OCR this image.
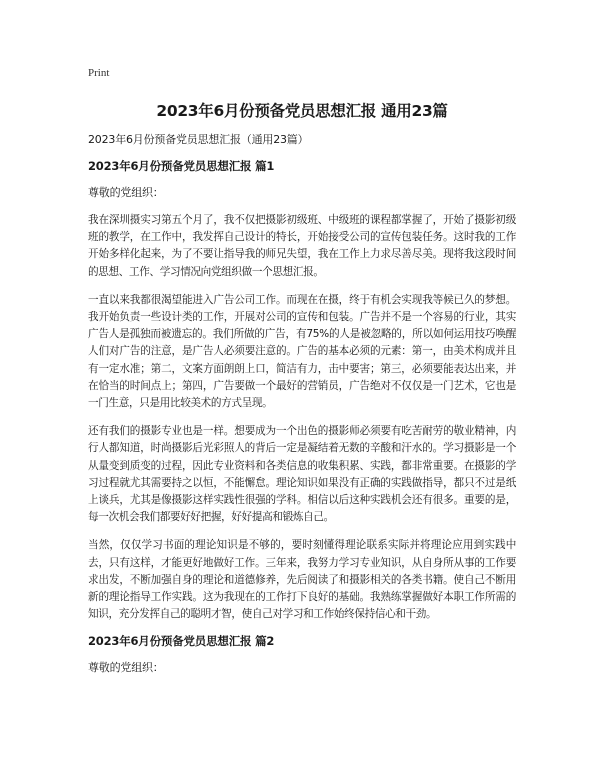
Print
2023年6月份预备党员思想汇报 通用23篇
2023年6月份预备党员思想汇报（通用23篇）
2023年6月份预备党员思想汇报 篇1
尊敬的党组织：

我在深圳摄实习第五个月了，我不仅把摄影初级班、中级班的课程都掌握了，开始了摄影初级班的教学，在工作中，我发挥自己设计的特长，开始接受公司的宣传包装任务。这时我的工作开始多样化起来，为了不要让指导我的师兄失望，我在工作上力求尽善尽美。现将我这段时间的思想、工作、学习情况向党组织做一个思想汇报。

一直以来我都很渴望能进入广告公司工作。而现在在摄，终于有机会实现我等候已久的梦想。我开始负责一些设计类的工作，开展对公司的宣传和包装。广告并不是一个容易的行业，其实广告人是孤独而被遗忘的。我们所做的广告，有75%的人是被忽略的，所以如何运用技巧唤醒人们对广告的注意，是广告人必须要注意的。广告的基本必须的元素：第一，由美术构成并且有一定水准；第二，文案方面朗朗上口，简洁有力，击中要害；第三，必须要能表达出来，并在恰当的时间点上；第四，广告要做一个最好的营销员，广告绝对不仅仅是一门艺术，它也是一门生意，只是用比较美术的方式呈现。

还有我们的摄影专业也是一样。想要成为一个出色的摄影师必须要有吃苦耐劳的敬业精神，内行人都知道，时尚摄影后光彩照人的背后一定是凝结着无数的辛酸和汗水的。学习摄影是一个从量变到质变的过程，因此专业资料和各类信息的收集积累、实践，都非常重要。在摄影的学习过程就尤其需要持之以恒，不能懈怠。理论知识如果没有正确的实践做指导，都只不过是纸上谈兵，尤其是像摄影这样实践性很强的学科。相信以后这种实践机会还有很多。重要的是，每一次机会我们都要好好把握，好好提高和锻炼自己。

当然，仅仅学习书面的理论知识是不够的，要时刻懂得理论联系实际并将理论应用到实践中去，只有这样，才能更好地做好工作。三年来，我努力学习专业知识，从自身所从事的工作要求出发，不断加强自身的理论和道德修养，先后阅读了和摄影相关的各类书籍。使自己不断用新的理论指导工作实践。这为我现在的工作打下良好的基础。我熟练掌握做好本职工作所需的知识，充分发挥自己的聪明才智，使自己对学习和工作始终保持信心和干劲。

2023年6月份预备党员思想汇报 篇2
尊敬的党组织：
